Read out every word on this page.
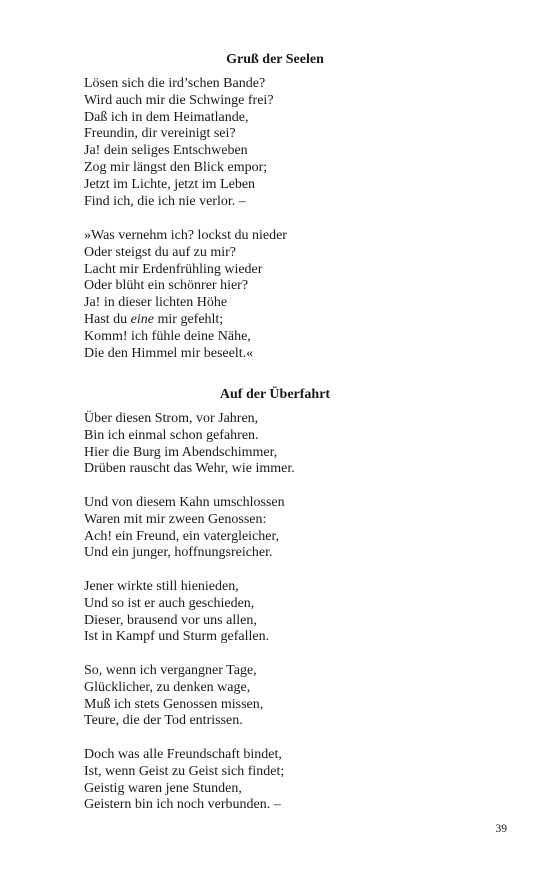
Gruß der Seelen
Lösen sich die ird’schen Bande?
Wird auch mir die Schwinge frei?
Daß ich in dem Heimatlande,
Freundin, dir vereinigt sei?
Ja! dein seliges Entschweben
Zog mir längst den Blick empor;
Jetzt im Lichte, jetzt im Leben
Find ich, die ich nie verlor. –
»Was vernehm ich? lockst du nieder
Oder steigst du auf zu mir?
Lacht mir Erdenfrühling wieder
Oder blüht ein schönrer hier?
Ja! in dieser lichten Höhe
Hast du eine mir gefehlt;
Komm! ich fühle deine Nähe,
Die den Himmel mir beseelt.«
Auf der Überfahrt
Über diesen Strom, vor Jahren,
Bin ich einmal schon gefahren.
Hier die Burg im Abendschimmer,
Drüben rauscht das Wehr, wie immer.
Und von diesem Kahn umschlossen
Waren mit mir zween Genossen:
Ach! ein Freund, ein vatergleicher,
Und ein junger, hoffnungsreicher.
Jener wirkte still hienieden,
Und so ist er auch geschieden,
Dieser, brausend vor uns allen,
Ist in Kampf und Sturm gefallen.
So, wenn ich vergangner Tage,
Glücklicher, zu denken wage,
Muß ich stets Genossen missen,
Teure, die der Tod entrissen.
Doch was alle Freundschaft bindet,
Ist, wenn Geist zu Geist sich findet;
Geistig waren jene Stunden,
Geistern bin ich noch verbunden. –
39
